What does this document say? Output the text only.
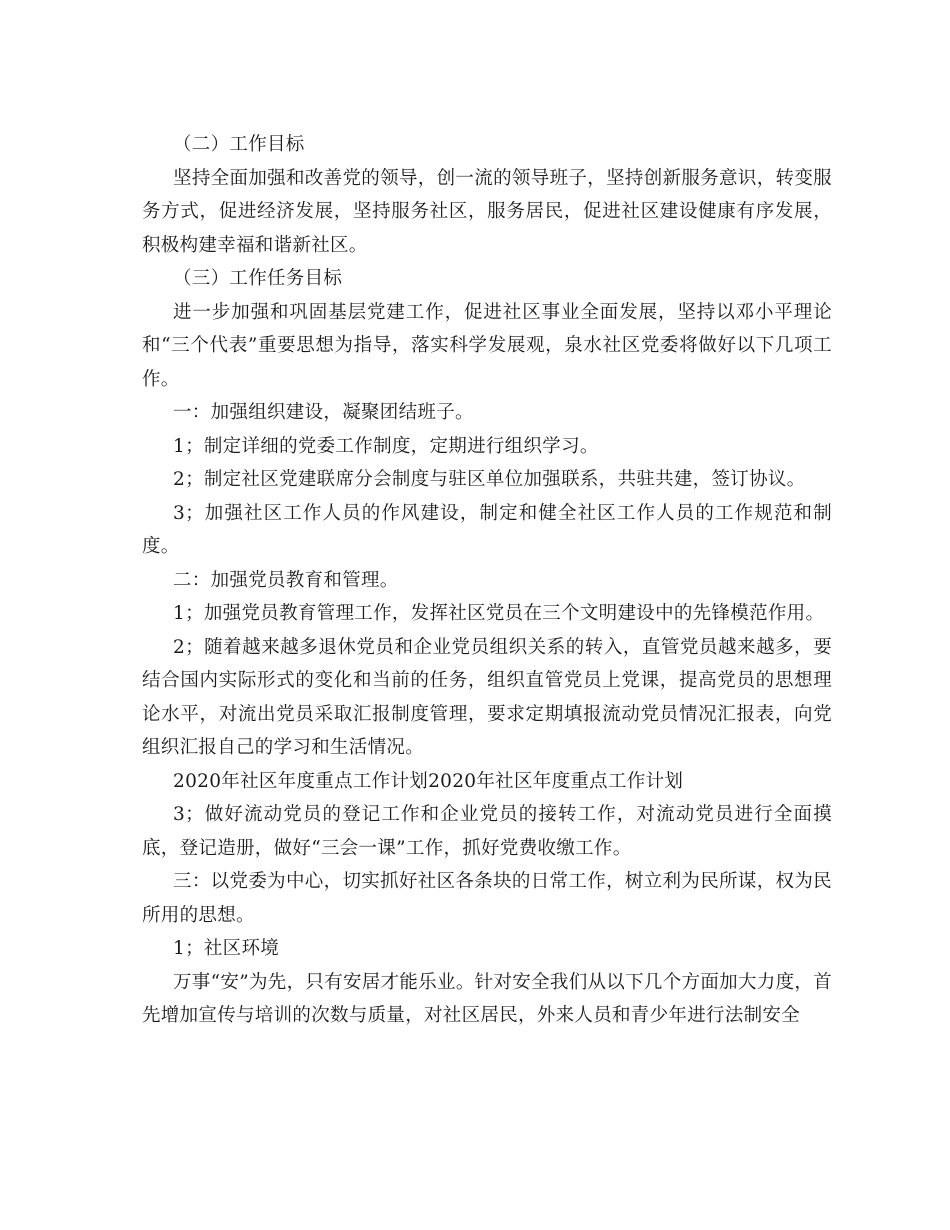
（二）工作目标

坚持全面加强和改善党的领导，创一流的领导班子，坚持创新服务意识，转变服务方式，促进经济发展，坚持服务社区，服务居民，促进社区建设健康有序发展，积极构建幸福和谐新社区。

（三）工作任务目标

进一步加强和巩固基层党建工作，促进社区事业全面发展，坚持以邓小平理论和“三个代表”重要思想为指导，落实科学发展观，泉水社区党委将做好以下几项工作。

一：加强组织建设，凝聚团结班子。

1；制定详细的党委工作制度，定期进行组织学习。

2；制定社区党建联席分会制度与驻区单位加强联系，共驻共建，签订协议。

3；加强社区工作人员的作风建设，制定和健全社区工作人员的工作规范和制度。

二：加强党员教育和管理。

1；加强党员教育管理工作，发挥社区党员在三个文明建设中的先锋模范作用。

2；随着越来越多退休党员和企业党员组织关系的转入，直管党员越来越多，要结合国内实际形式的变化和当前的任务，组织直管党员上党课，提高党员的思想理论水平，对流出党员采取汇报制度管理，要求定期填报流动党员情况汇报表，向党组织汇报自己的学习和生活情况。

2020年社区年度重点工作计划2020年社区年度重点工作计划

3；做好流动党员的登记工作和企业党员的接转工作，对流动党员进行全面摸底，登记造册，做好“三会一课”工作，抓好党费收缴工作。

三：以党委为中心，切实抓好社区各条块的日常工作，树立利为民所谋，权为民所用的思想。

1；社区环境

万事“安”为先，只有安居才能乐业。针对安全我们从以下几个方面加大力度，首先增加宣传与培训的次数与质量，对社区居民，外来人员和青少年进行法制安全
